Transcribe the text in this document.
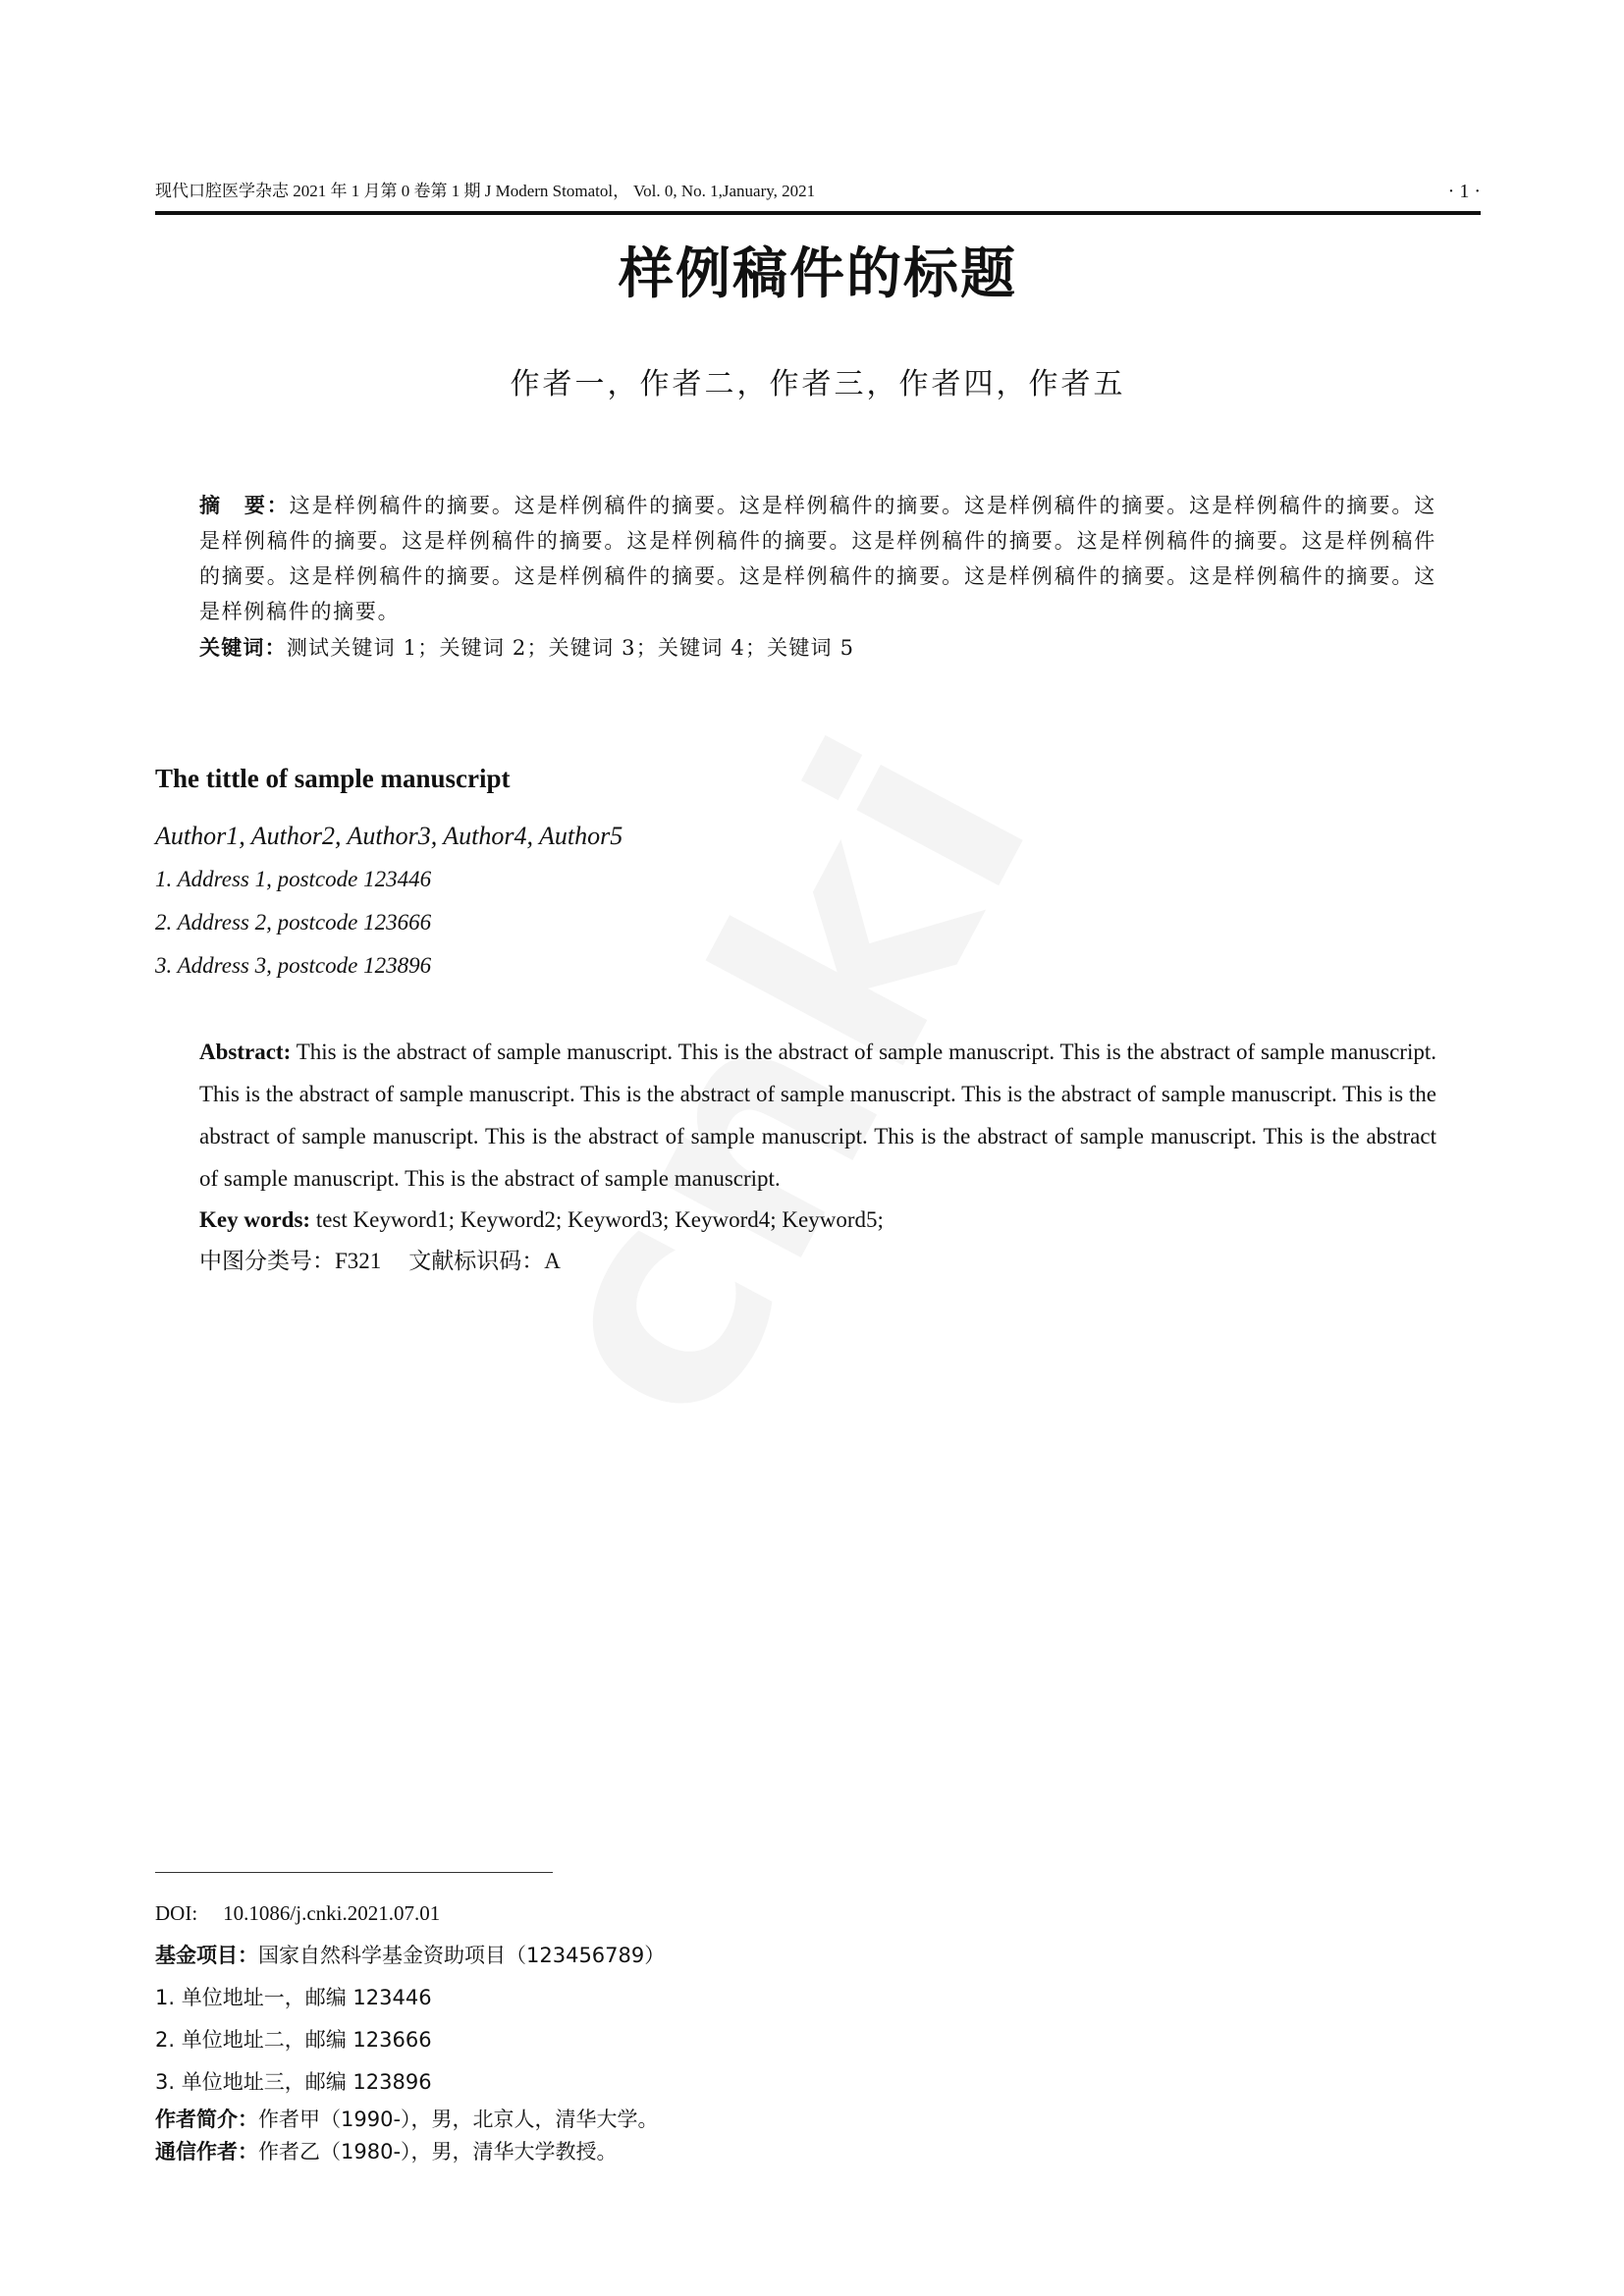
现代口腔医学杂志 2021 年 1 月第 0 卷第 1 期 J Modern Stomatol， Vol. 0, No. 1,January, 2021	· 1 ·
样例稿件的标题
作者一，作者二，作者三，作者四，作者五
摘　要：这是样例稿件的摘要。这是样例稿件的摘要。这是样例稿件的摘要。这是样例稿件的摘要。这是样例稿件的摘要。这是样例稿件的摘要。这是样例稿件的摘要。这是样例稿件的摘要。这是样例稿件的摘要。这是样例稿件的摘要。这是样例稿件的摘要。这是样例稿件的摘要。这是样例稿件的摘要。这是样例稿件的摘要。这是样例稿件的摘要。这是样例稿件的摘要。这是样例稿件的摘要。
关键词：测试关键词 1；关键词 2；关键词 3；关键词 4；关键词 5
The tittle of sample manuscript
Author1, Author2, Author3, Author4, Author5
1. Address 1, postcode 123446
2. Address 2, postcode 123666
3. Address 3, postcode 123896
Abstract: This is the abstract of sample manuscript. This is the abstract of sample manuscript. This is the abstract of sample manuscript. This is the abstract of sample manuscript. This is the abstract of sample manuscript. This is the abstract of sample manuscript. This is the abstract of sample manuscript. This is the abstract of sample manuscript. This is the abstract of sample manuscript. This is the abstract of sample manuscript. This is the abstract of sample manuscript.
Key words: test Keyword1; Keyword2; Keyword3; Keyword4; Keyword5;
中图分类号：F321 文献标识码：A
DOI: 10.1086/j.cnki.2021.07.01
基金项目：国家自然科学基金资助项目（123456789）
1. 单位地址一，邮编 123446
2. 单位地址二，邮编 123666
3. 单位地址三，邮编 123896
作者简介：作者甲（1990-），男，北京人，清华大学。
通信作者：作者乙（1980-），男，清华大学教授。
